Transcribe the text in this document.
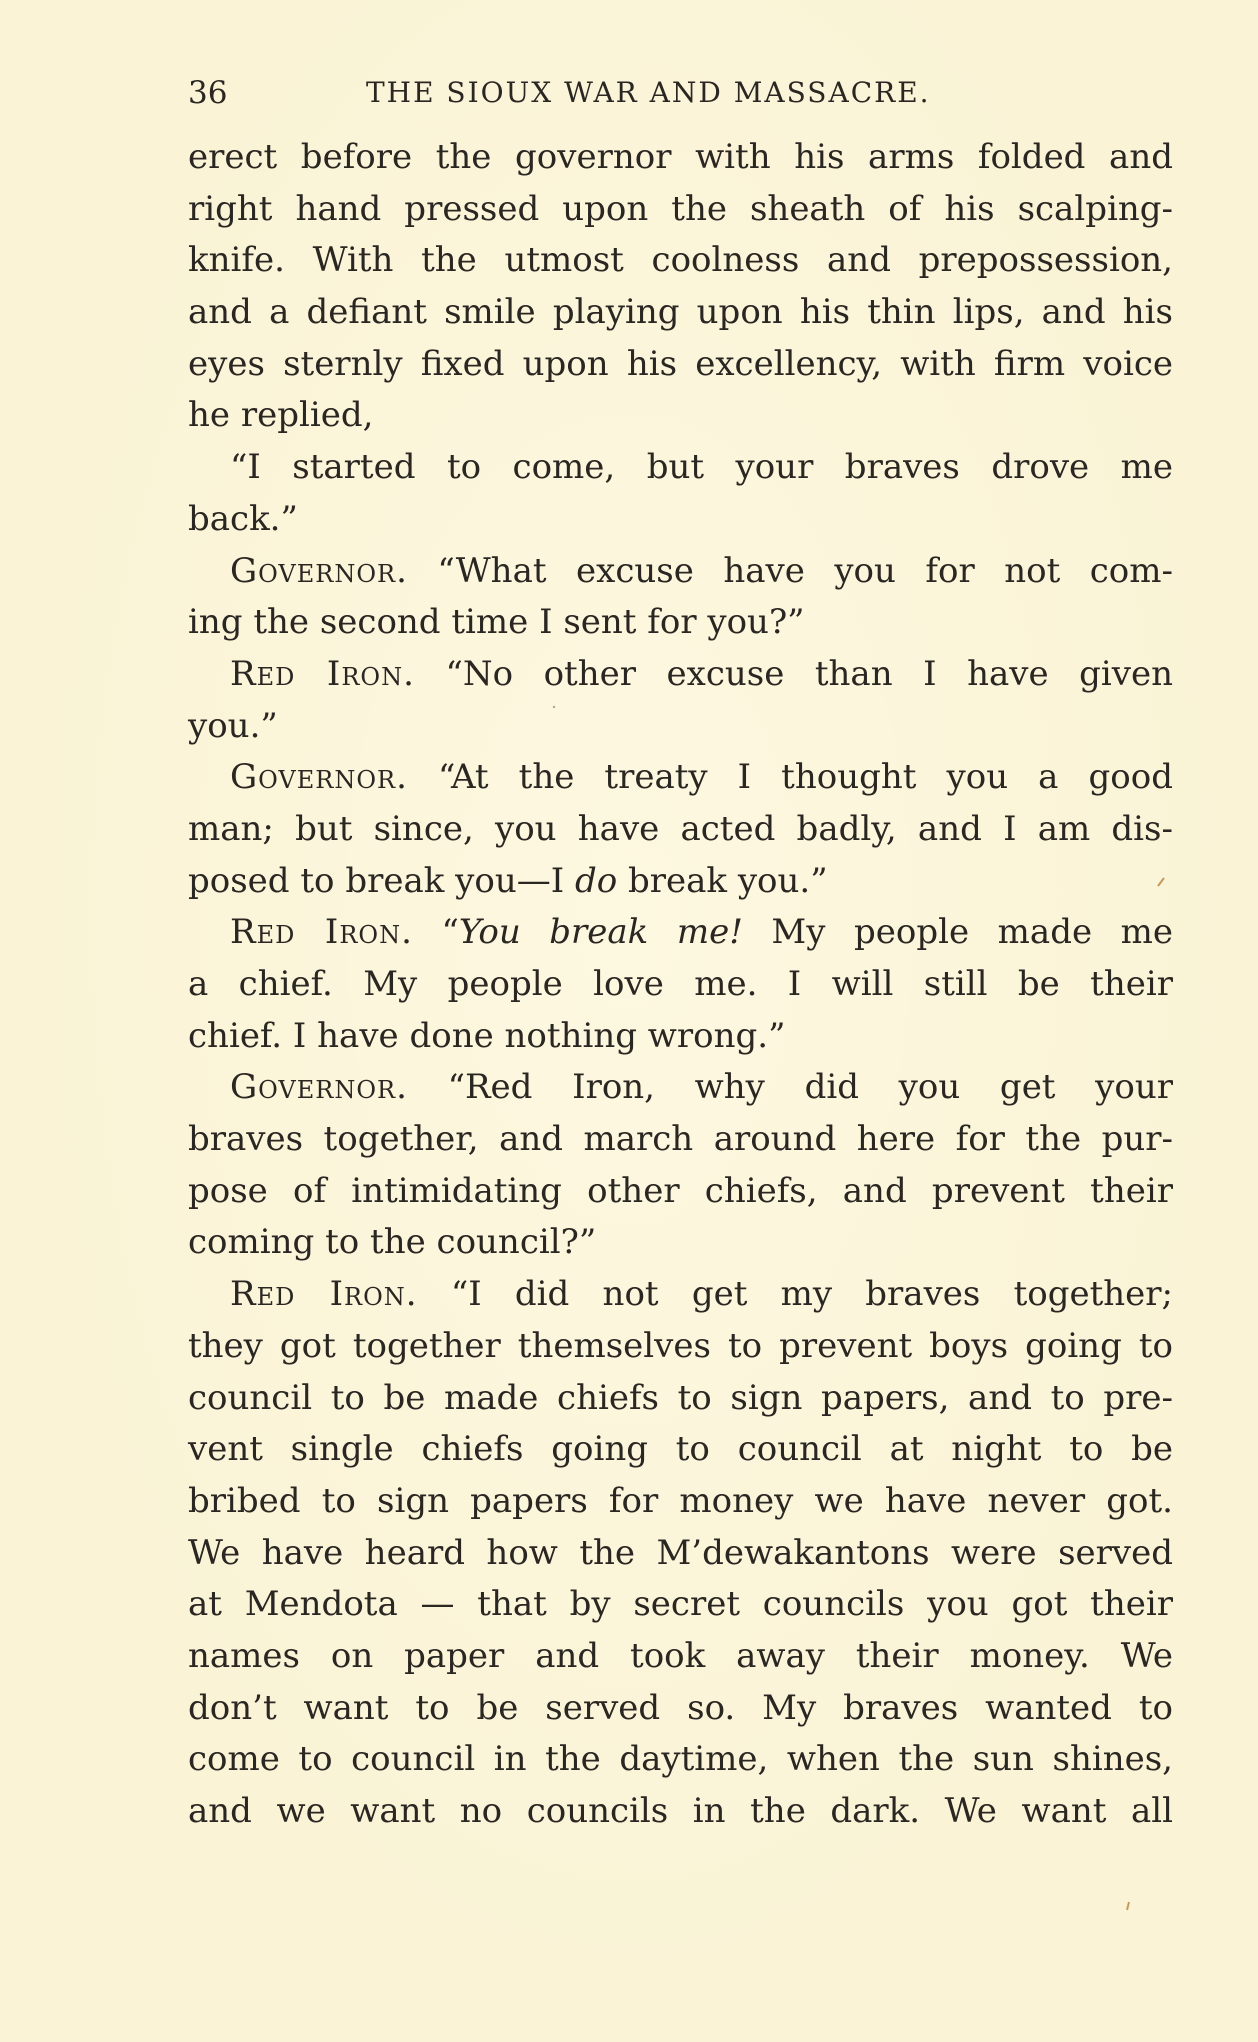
36	THE SIOUX WAR AND MASSACRE.
erect before the governor with his arms folded and
right hand pressed upon the sheath of his scalping-
knife. With the utmost coolness and prepossession,
and a defiant smile playing upon his thin lips, and his
eyes sternly fixed upon his excellency, with firm voice
he replied,
“I started to come, but your braves drove me
back.”
Governor. “What excuse have you for not com-
ing the second time I sent for you?”
Red Iron. “No other excuse than I have given
you.”
Governor. “At the treaty I thought you a good
man; but since, you have acted badly, and I am dis-
posed to break you—I do break you.”
Red Iron. “You break me! My people made me
a chief. My people love me. I will still be their
chief. I have done nothing wrong.”
Governor. “Red Iron, why did you get your
braves together, and march around here for the pur-
pose of intimidating other chiefs, and prevent their
coming to the council?”
Red Iron. “I did not get my braves together;
they got together themselves to prevent boys going to
council to be made chiefs to sign papers, and to pre-
vent single chiefs going to council at night to be
bribed to sign papers for money we have never got.
We have heard how the M’dewakantons were served
at Mendota — that by secret councils you got their
names on paper and took away their money. We
don’t want to be served so. My braves wanted to
come to council in the daytime, when the sun shines,
and we want no councils in the dark. We want all
